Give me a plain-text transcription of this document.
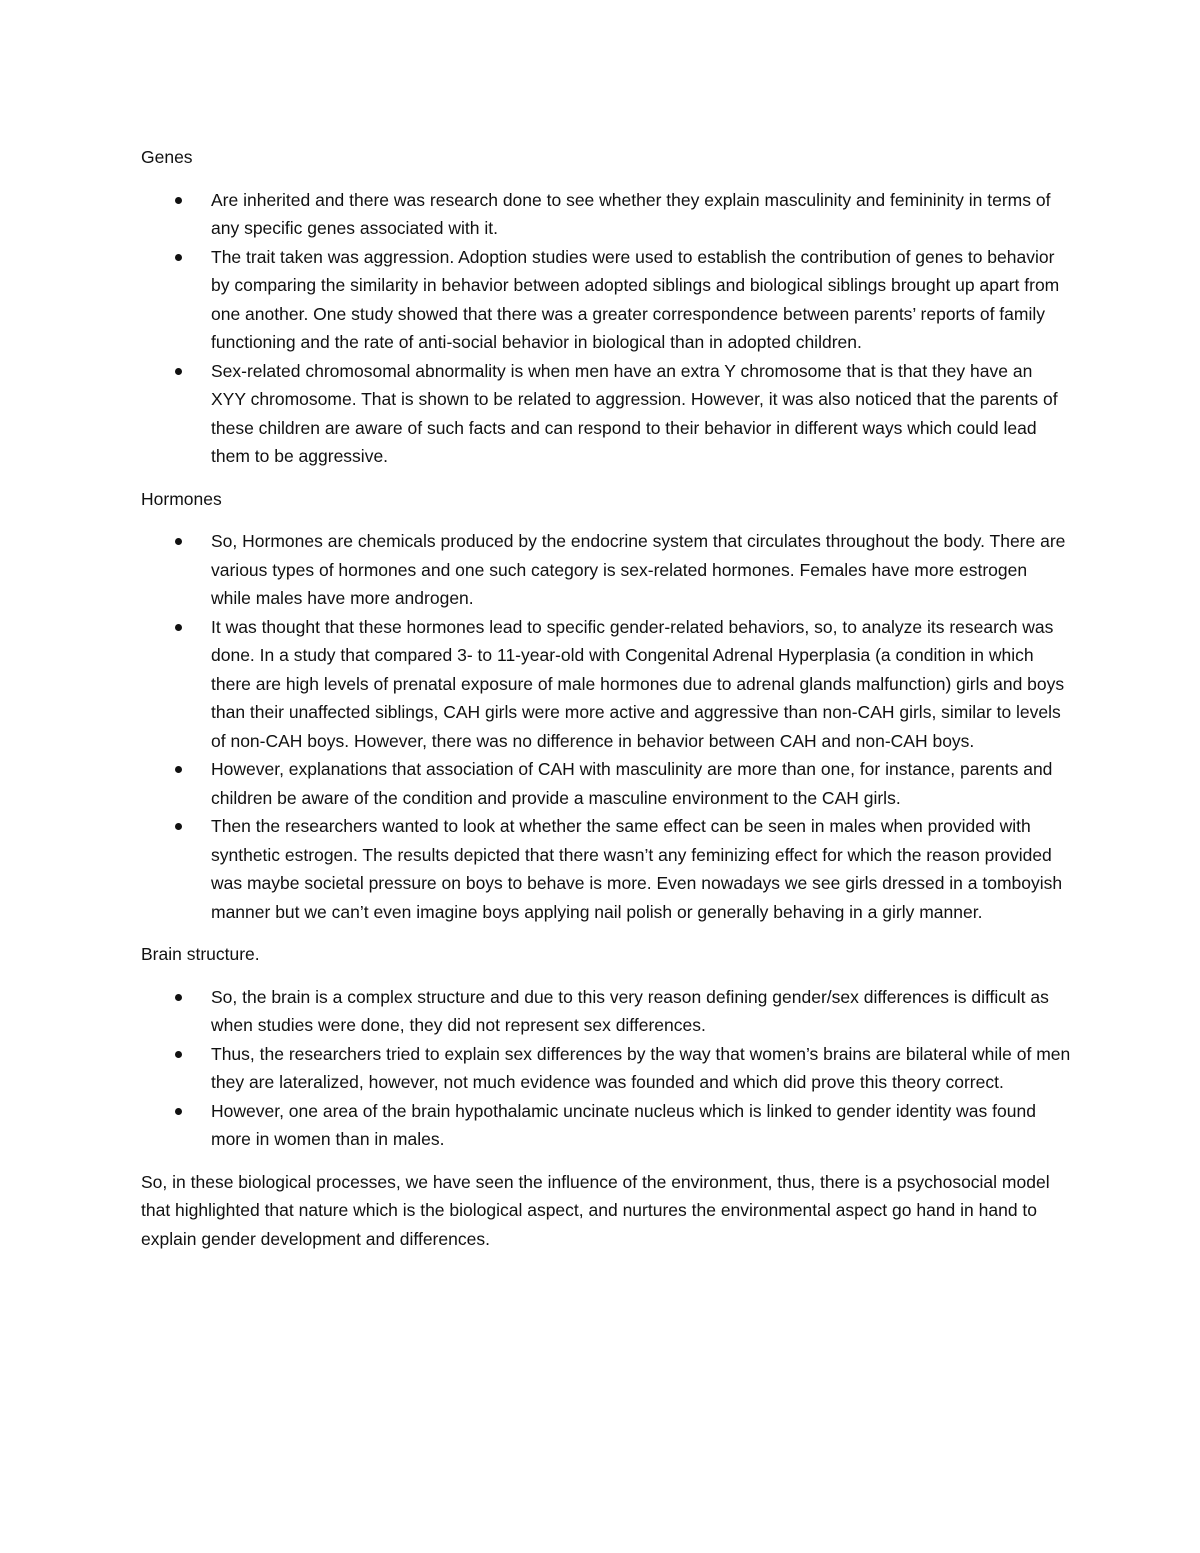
Genes
Are inherited and there was research done to see whether they explain masculinity and femininity in terms of any specific genes associated with it.
The trait taken was aggression. Adoption studies were used to establish the contribution of genes to behavior by comparing the similarity in behavior between adopted siblings and biological siblings brought up apart from one another. One study showed that there was a greater correspondence between parents’ reports of family functioning and the rate of anti-social behavior in biological than in adopted children.
Sex-related chromosomal abnormality is when men have an extra Y chromosome that is that they have an XYY chromosome. That is shown to be related to aggression. However, it was also noticed that the parents of these children are aware of such facts and can respond to their behavior in different ways which could lead them to be aggressive.
Hormones
So, Hormones are chemicals produced by the endocrine system that circulates throughout the body. There are various types of hormones and one such category is sex-related hormones. Females have more estrogen while males have more androgen.
It was thought that these hormones lead to specific gender-related behaviors, so, to analyze its research was done. In a study that compared 3- to 11-year-old with Congenital Adrenal Hyperplasia (a condition in which there are high levels of prenatal exposure of male hormones due to adrenal glands malfunction) girls and boys than their unaffected siblings, CAH girls were more active and aggressive than non-CAH girls, similar to levels of non-CAH boys. However, there was no difference in behavior between CAH and non-CAH boys.
However, explanations that association of CAH with masculinity are more than one, for instance, parents and children be aware of the condition and provide a masculine environment to the CAH girls.
Then the researchers wanted to look at whether the same effect can be seen in males when provided with synthetic estrogen. The results depicted that there wasn’t any feminizing effect for which the reason provided was maybe societal pressure on boys to behave is more. Even nowadays we see girls dressed in a tomboyish manner but we can’t even imagine boys applying nail polish or generally behaving in a girly manner.
Brain structure.
So, the brain is a complex structure and due to this very reason defining gender/sex differences is difficult as when studies were done, they did not represent sex differences.
Thus, the researchers tried to explain sex differences by the way that women’s brains are bilateral while of men they are lateralized, however, not much evidence was founded and which did prove this theory correct.
However, one area of the brain hypothalamic uncinate nucleus which is linked to gender identity was found more in women than in males.

So, in these biological processes, we have seen the influence of the environment, thus, there is a psychosocial model that highlighted that nature which is the biological aspect, and nurtures the environmental aspect go hand in hand to explain gender development and differences.
